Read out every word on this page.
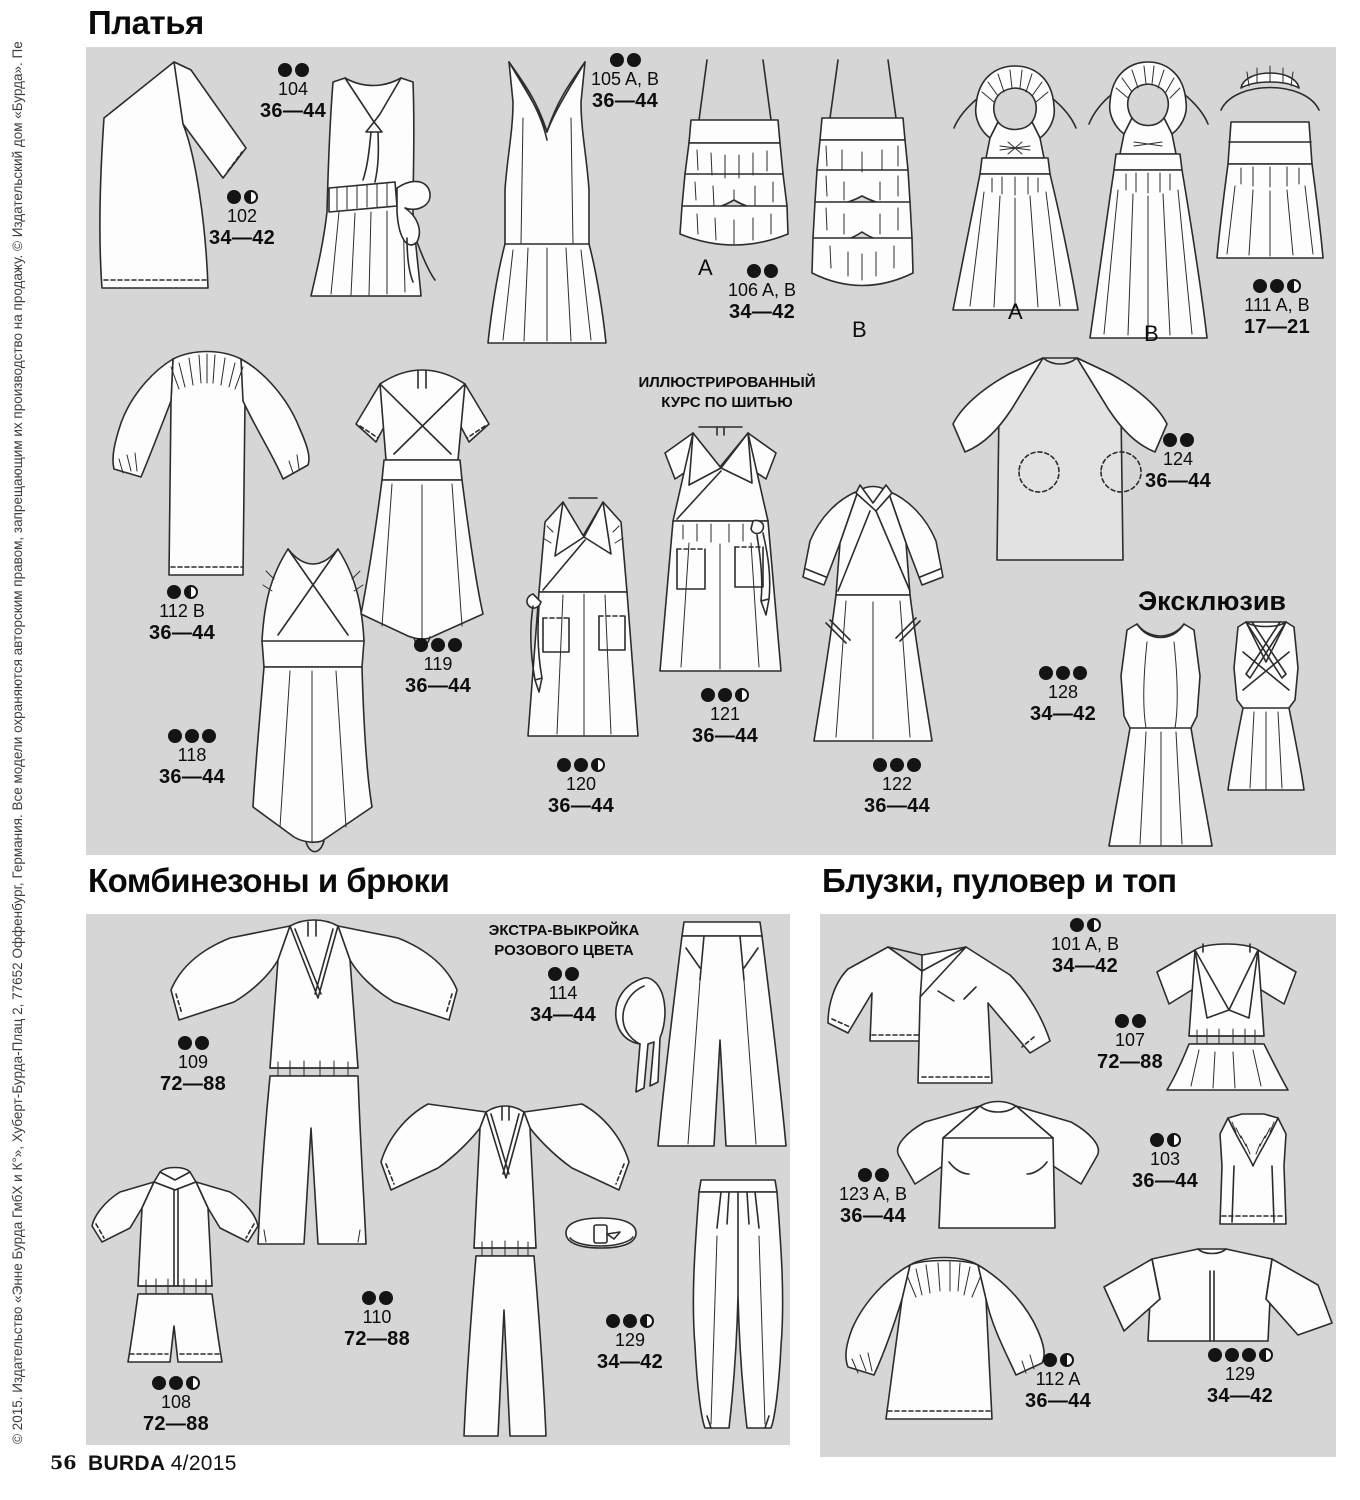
© 2015. Издательство «Энне Бурда ГмбХ и К°», Хуберт-Бурда-Плац 2, 77652 Оффенбург, Германия. Все модели охраняются авторским правом, запрещающим их производство на продажу. © Издательский дом «Бурда». Пе
Платья
Комбинезоны и брюки	Блузки, пуловер и топ
ИЛЛЮСТРИРОВАННЫЙ
КУРС ПО ШИТЬЮ
Эксклюзив
ЭКСТРА-ВЫКРОЙКА
РОЗОВОГО ЦВЕТА
102
34—42
104
36—44
105 A, B
36—44
106 A, B
34—42
A
B
111 A, B
17—21
A
B
112 B
36—44
118
36—44
119
36—44
120
36—44
121
36—44
122
36—44
124
36—44
128
34—42
109
72—88
114
34—44
108
72—88
110
72—88	129
34—42
101 A, B
34—42
107
72—88
123 A, B
36—44
103
36—44
112 A
36—44
129
34—42
56 BURDA 4/2015
